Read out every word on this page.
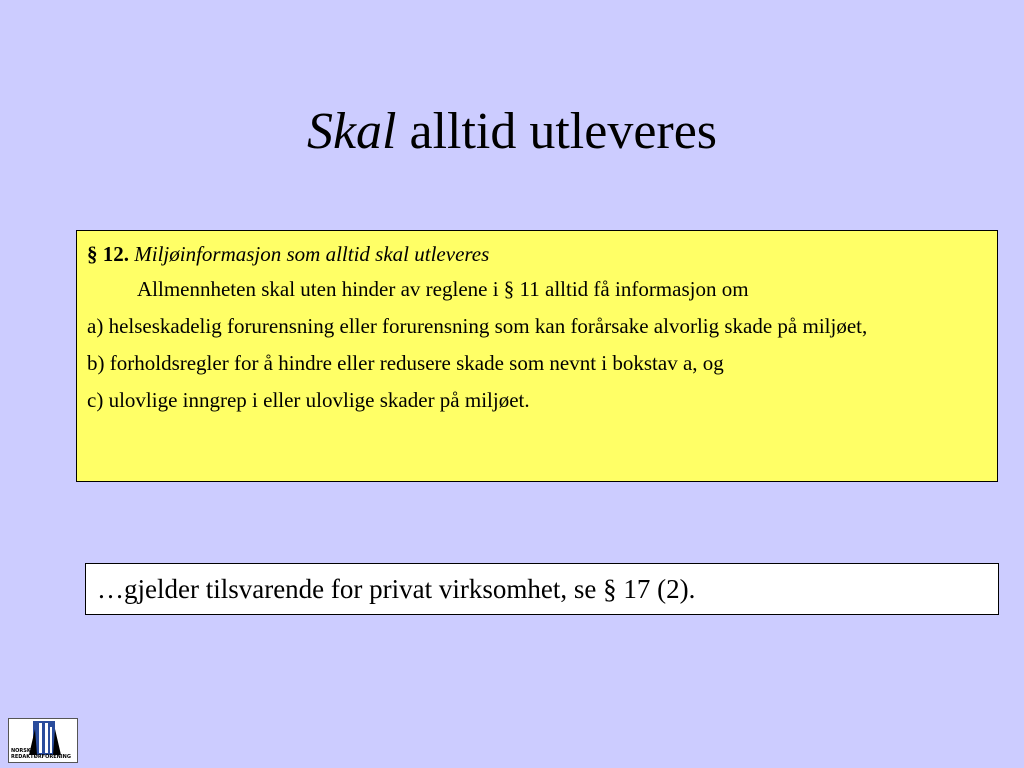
Skal alltid utleveres

§ 12. Miljøinformasjon som alltid skal utleveres

Allmennheten skal uten hinder av reglene i § 11 alltid få informasjon om

a) helseskadelig forurensning eller forurensning som kan forårsake alvorlig skade på miljøet,

b) forholdsregler for å hindre eller redusere skade som nevnt i bokstav a, og

c) ulovlige inngrep i eller ulovlige skader på miljøet.

…gjelder tilsvarende for privat virksomhet, se § 17 (2).
NORSK
REDAKTØRFORENING
